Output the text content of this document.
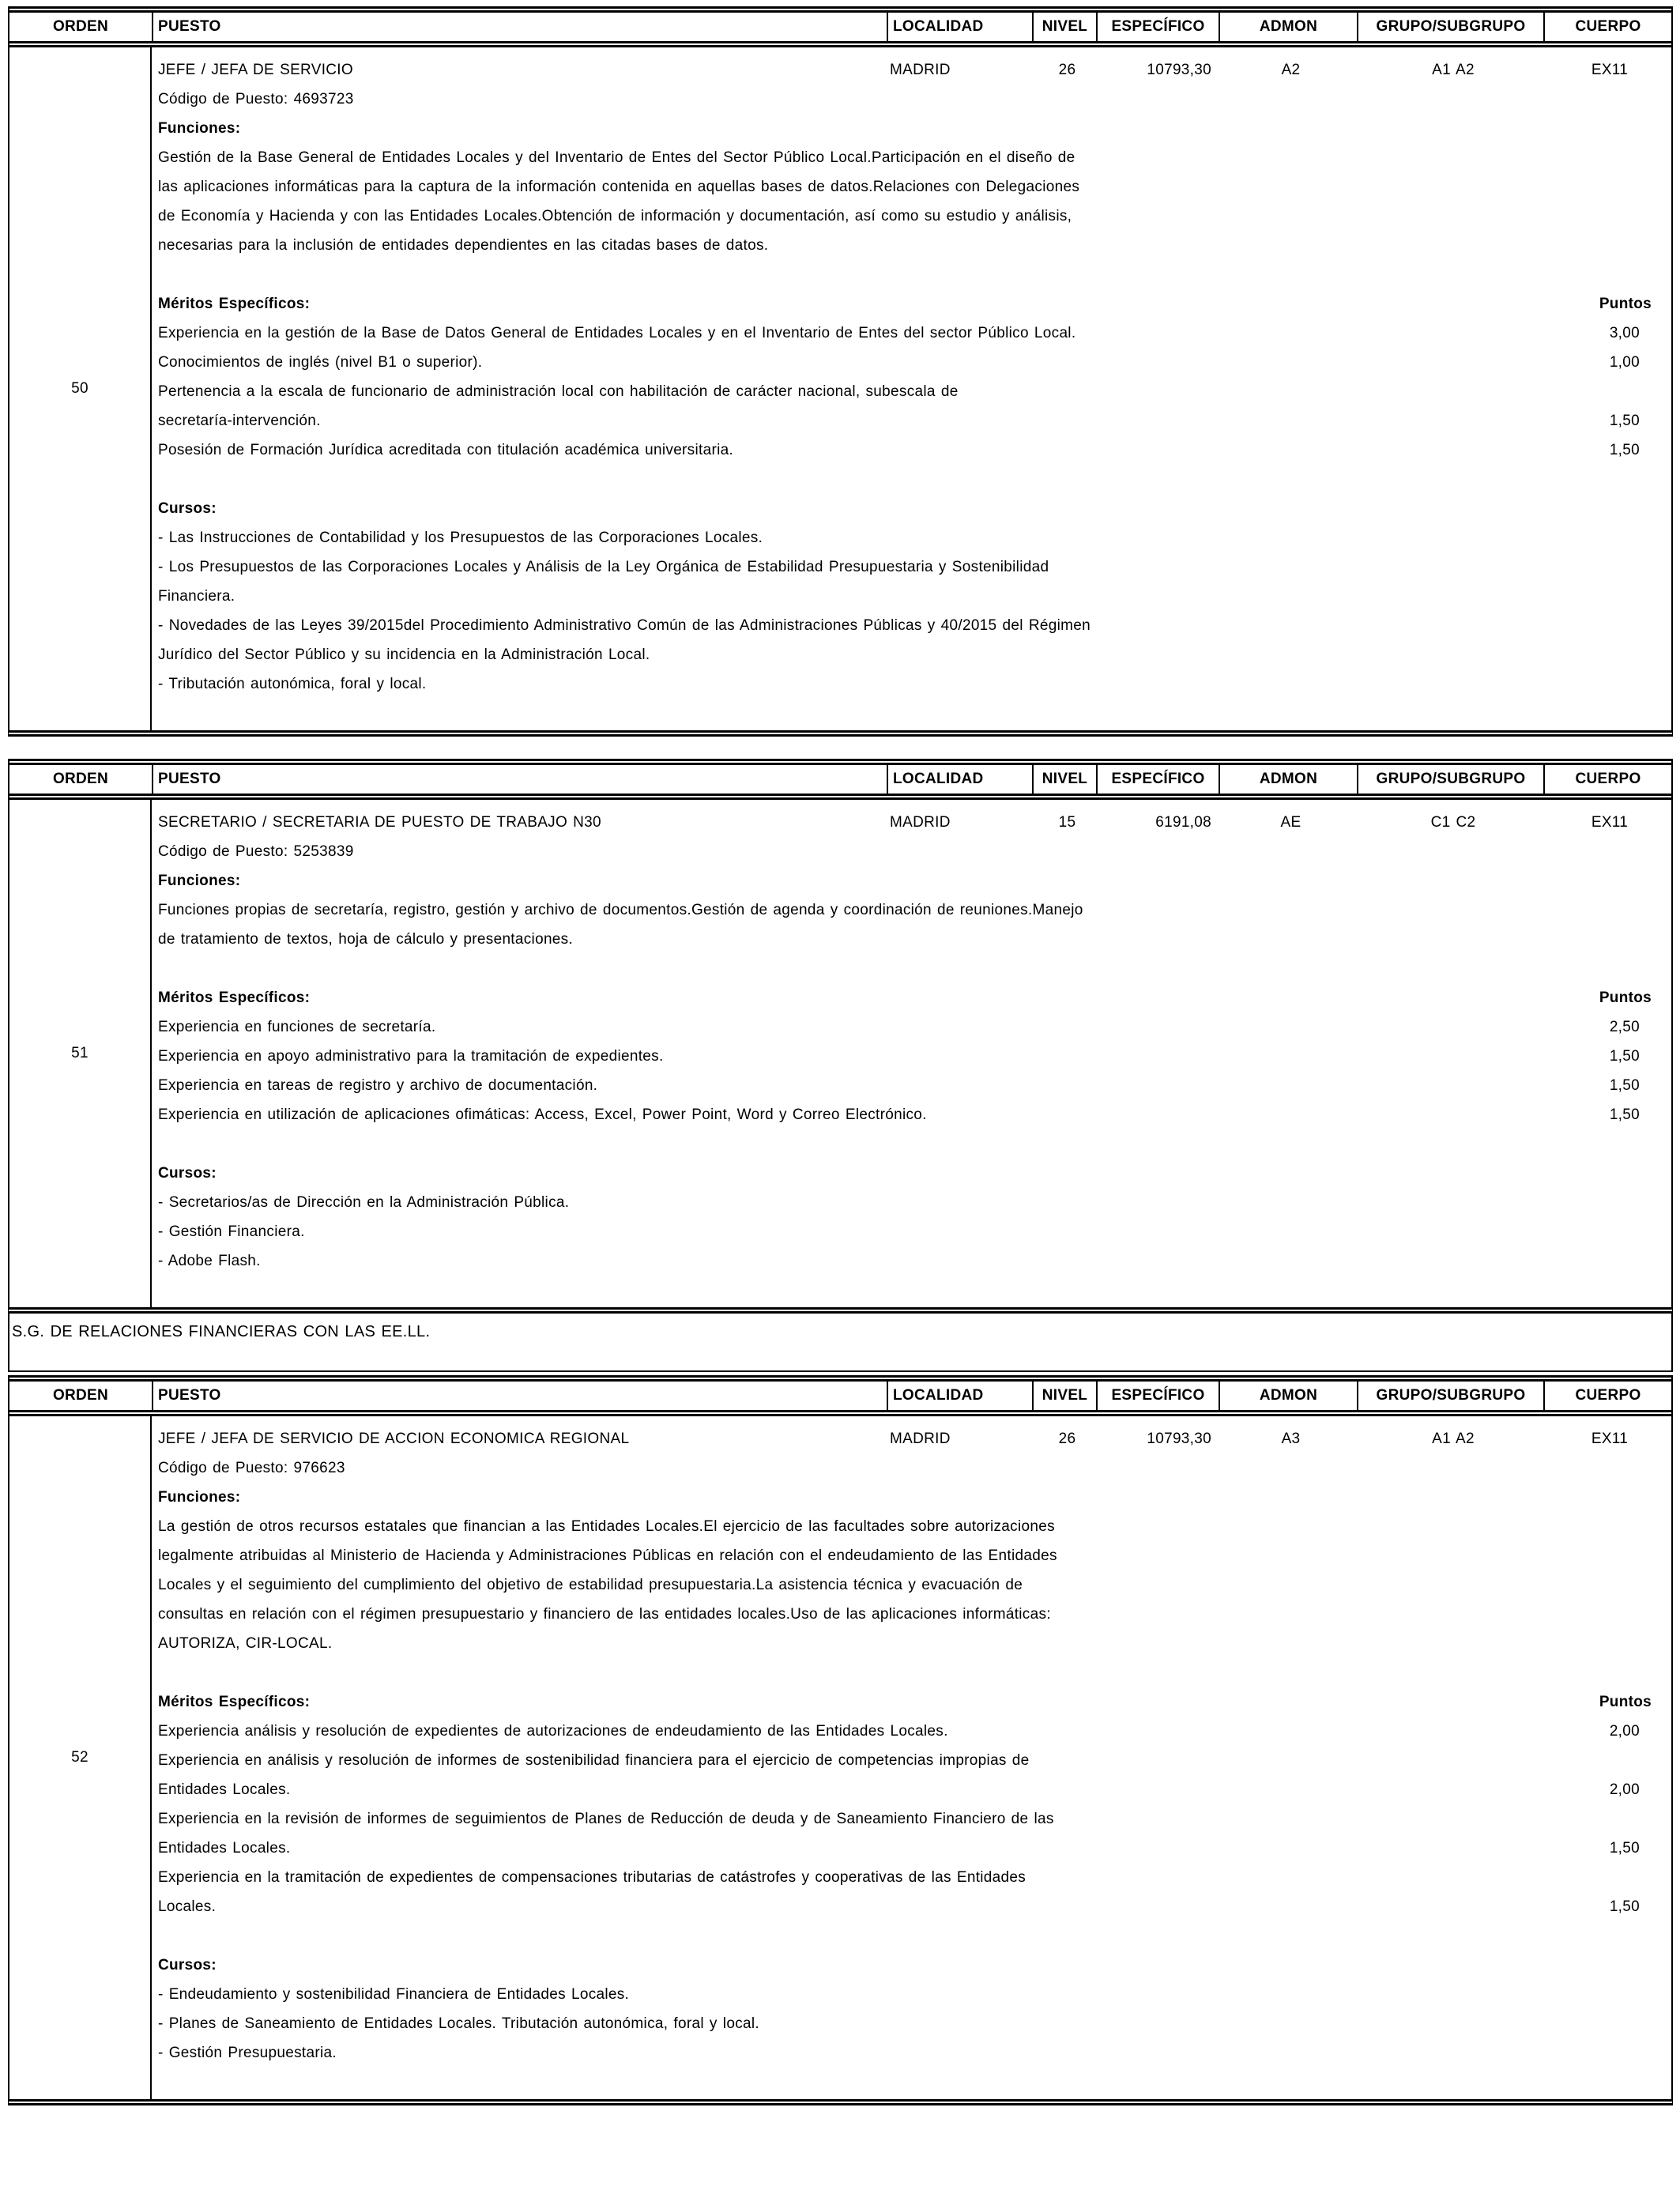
ORDEN	PUESTO	LOCALIDAD	NIVEL	ESPECÍFICO	ADMON	GRUPO/SUBGRUPO	CUERPO
50
JEFE / JEFA DE SERVICIO	MADRID	26	10793,30	A2	A1 A2	EX11
Código de Puesto: 4693723
Funciones:
Gestión de la Base General de Entidades Locales y del Inventario de Entes del Sector Público Local.Participación en el diseño de
las aplicaciones informáticas para la captura de la información contenida en aquellas bases de datos.Relaciones con Delegaciones
de Economía y Hacienda y con las Entidades Locales.Obtención de información y documentación, así como su estudio y análisis,
necesarias para la inclusión de entidades dependientes en las citadas bases de datos.
Méritos Específicos:	Puntos
Experiencia en la gestión de la Base de Datos General de Entidades Locales y en el Inventario de Entes del sector Público Local.	3,00
Conocimientos de inglés (nivel B1 o superior).	1,00
Pertenencia a la escala de funcionario de administración local con habilitación de carácter nacional, subescala de
secretaría-intervención.	1,50
Posesión de Formación Jurídica acreditada con titulación académica universitaria.	1,50
Cursos:
- Las Instrucciones de Contabilidad y los Presupuestos de las Corporaciones Locales.
- Los Presupuestos de las Corporaciones Locales y Análisis de la Ley Orgánica de Estabilidad Presupuestaria y Sostenibilidad
Financiera.
- Novedades de las Leyes 39/2015del Procedimiento Administrativo Común de las Administraciones Públicas y 40/2015 del Régimen
Jurídico del Sector Público y su incidencia en la Administración Local.
- Tributación autonómica, foral y local.
ORDEN	PUESTO	LOCALIDAD	NIVEL	ESPECÍFICO	ADMON	GRUPO/SUBGRUPO	CUERPO
51
SECRETARIO / SECRETARIA DE PUESTO DE TRABAJO N30	MADRID	15	6191,08	AE	C1 C2	EX11
Código de Puesto: 5253839
Funciones:
Funciones propias de secretaría, registro, gestión y archivo de documentos.Gestión de agenda y coordinación de reuniones.Manejo
de tratamiento de textos, hoja de cálculo y presentaciones.
Méritos Específicos:	Puntos
Experiencia en funciones de secretaría.	2,50
Experiencia en apoyo administrativo para la tramitación de expedientes.	1,50
Experiencia en tareas de registro y archivo de documentación.	1,50
Experiencia en utilización de aplicaciones ofimáticas: Access, Excel, Power Point, Word y Correo Electrónico.	1,50
Cursos:
- Secretarios/as de Dirección en la Administración Pública.
- Gestión Financiera.
- Adobe Flash.
S.G. DE RELACIONES FINANCIERAS CON LAS EE.LL.
ORDEN	PUESTO	LOCALIDAD	NIVEL	ESPECÍFICO	ADMON	GRUPO/SUBGRUPO	CUERPO
52
JEFE / JEFA DE SERVICIO DE ACCION ECONOMICA REGIONAL	MADRID	26	10793,30	A3	A1 A2	EX11
Código de Puesto: 976623
Funciones:
La gestión de otros recursos estatales que financian a las Entidades Locales.El ejercicio de las facultades sobre autorizaciones
legalmente atribuidas al Ministerio de Hacienda y Administraciones Públicas en relación con el endeudamiento de las Entidades
Locales y el seguimiento del cumplimiento del objetivo de estabilidad presupuestaria.La asistencia técnica y evacuación de
consultas en relación con el régimen presupuestario y financiero de las entidades locales.Uso de las aplicaciones informáticas:
AUTORIZA, CIR-LOCAL.
Méritos Específicos:	Puntos
Experiencia análisis y resolución de expedientes de autorizaciones de endeudamiento de las Entidades Locales.	2,00
Experiencia en análisis y resolución de informes de sostenibilidad financiera para el ejercicio de competencias impropias de
Entidades Locales.	2,00
Experiencia en la revisión de informes de seguimientos de Planes de Reducción de deuda y de Saneamiento Financiero de las
Entidades Locales.	1,50
Experiencia en la tramitación de expedientes de compensaciones tributarias de catástrofes y cooperativas de las Entidades
Locales.	1,50
Cursos:
- Endeudamiento y sostenibilidad Financiera de Entidades Locales.
- Planes de Saneamiento de Entidades Locales. Tributación autonómica, foral y local.
- Gestión Presupuestaria.
